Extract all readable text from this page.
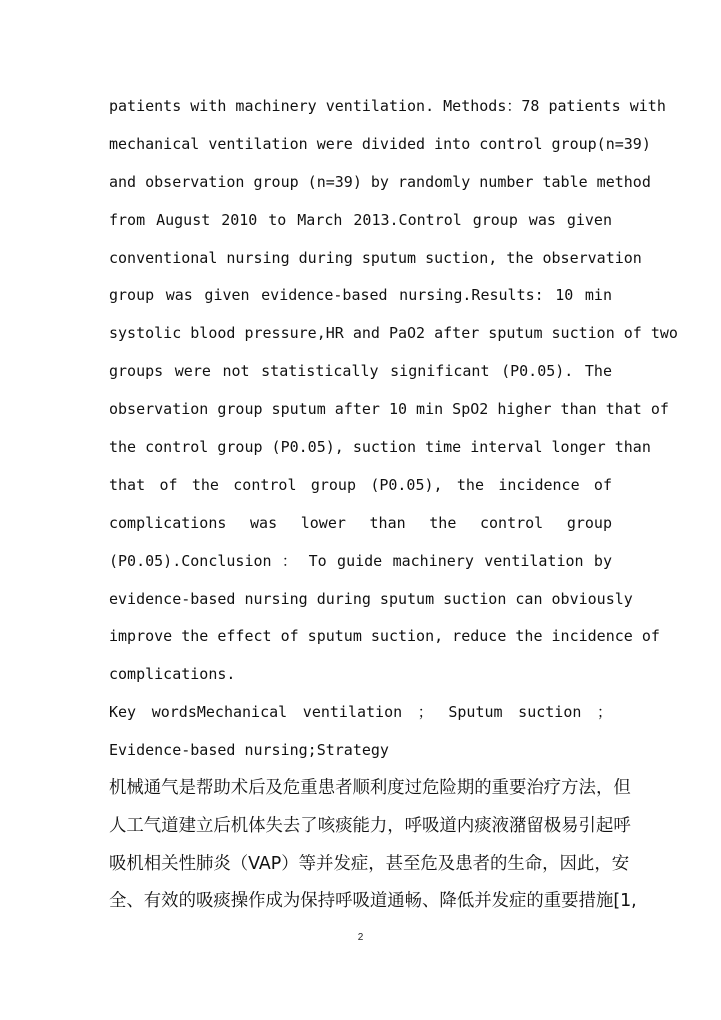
patients with machinery ventilation. Methods：78 patients with
mechanical ventilation were divided into control group(n=39)
and observation group (n=39) by randomly number table method
from August 2010 to March 2013.Control group was given
conventional nursing during sputum suction, the observation
group was given evidence-based nursing.Results: 10 min
systolic blood pressure,HR and PaO2 after sputum suction of two
groups were not statistically significant (P0.05). The
observation group sputum after 10 min SpO2 higher than that of
the control group (P0.05), suction time interval longer than
that of the control group (P0.05), the incidence of
complications was lower than the control group
(P0.05).Conclusion ： To guide machinery ventilation by
evidence-based nursing during sputum suction can obviously
improve the effect of sputum suction, reduce the incidence of
complications.
Key wordsMechanical ventilation ； Sputum suction ；
Evidence-based nursing;Strategy
机械通气是帮助术后及危重患者顺利度过危险期的重要治疗方法，但
人工气道建立后机体失去了咳痰能力，呼吸道内痰液潴留极易引起呼
吸机相关性肺炎（VAP）等并发症，甚至危及患者的生命，因此，安
全、有效的吸痰操作成为保持呼吸道通畅、降低并发症的重要措施[1,
2
